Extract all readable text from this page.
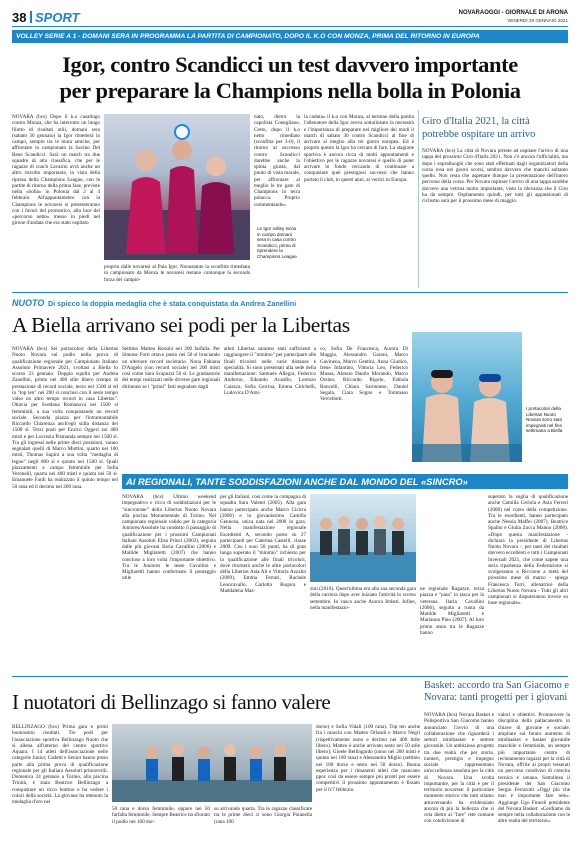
38 SPORT	NOVARAOGGI - GIORNALE DI ARONA
VENERDÌ 29 GENNAIO 2021
VOLLEY SERIE A 1 - DOMANI SERA IN PROGRAMMA LA PARTITA DI CAMPIONATO, DOPO IL K.O CON MONZA, PRIMA DEL RITORNO IN EUROPA
Igor, contro Scandicci un test davvero importante
per preparare la Champions nella bolla in Polonia
NOVARA (bcs) Dopo il k.o casalingo contro Monza, che ha interrotto un lungo filotto di risultati utili, domani sera (sabato 30 gennaio) la Igor rimetterà in campo, sempre tra le mura amiche, per affrontare in campionato la Savino Del Bene Scandicci. Sarà un match tra due squadre di alta classifica, che per le ragazze di coach Lavarini avrà anche un altro risvolto importante, in vista della ripresa della Champions League, con le partite di ritorno della prima fase, previste nella «bolla» in Polonia dal 2 al 4 febbraio. All'appuntamento con la Champions le novaresi si presenteranno con i favori del pronostico, alla luce del «percorso netto» messo in piedi nel girone d'andata che era stato ospitato
Le Igor volley torna in campo domani sera in casa contro Scandicci, prima di riprendere la Champions League
proprio dalle novaresi al Pala Igor. Nonostante la sconfitta rimediata in campionato da Monza le novaresi restano comunque la seconda forza del campio-
nato, dietro la capolista Conegliano. Certo, dopo il k.o netto rimediato (sconfitta per 3-0), il ritorno al successo contro Scandicci darebbe anche la spinta giusta, dal punto di vista morale, per affrontare al meglio le tre gare di Champions in terra polacca. Proprio commentando»
la caduta» il k.o con Monza, al termine della partita l'allenatore della Igor aveva sottolineato la necessità e l'importanza di preparare nel migliore dei modi il match di sabato 30 contro Scandicci al fine di arrivare al meglio alla tre giorni europea. Ed è proprio questo la Igor ha cercato di fare. La stagione sportiva è ancora ricca di molti appuntamenti e l'obiettivo per le ragazze novaresi è quello di poter arrivare in fondo cercando di continuare a conquistare quei prestigiosi successi che hanno portato il club, in questi anni, ai vertici in Europa.
Giro d'Italia 2021, la città potrebbe ospitare un arrivo
NOVARA (bcs) La città di Novara ptreste ad ospitare l'arrivo di una tappa del prossimo Giro d'Italia 2021. Non c'è ancora l'ufficialità, ma dopo i sopralluoghi che sono stati effettuati dagli organizzatori della corsa rosa nei giorni scorsi, sembra davvero che manchi soltanto quello. Non resta che aspettare dunque la presentazione dell'intero percorso della corsa. Per Novara ospitare l'arrivo di una tappa sarebbe davvero una vetrina molto importante, visto la rilevanza che il Giro ha da sempre. Ospitamento quindi, per tutti gli appassionati di ciclismo sarà per il prossimo mese di maggio.
NUOTO Di spicco la doppia medaglia che è stata conquistata da Andrea Zanellini
A Biella arrivano sei podi per la Libertas
NOVARA (bcs) Sei portacolori della Libertas Nuoto Novara sul podio nella prova di qualificazione regionale per Campionato Italiano Assoluto Primavere 2021, svoltasi a Biella lo scorso 23 gennaio. Doppio squillo per Andrea Zanellini, primo nei 400 stile libero (tempo di prestazione di record sociale, terzo nei 1500 sl ed in "top ten" nei 200 sl conclusi con il sesto tempo valso un altro tempo record in casa Libertas". Ottavia per Svetlana Romanova nei 1500 sl femminili, a sua volta conquistando un record sociale. Seconda piazza per l'intramontabile Riccardo Chiarenza anch'egli sulla distanza dei 1500 sl. Terzi posti per Enrico Oggeri sui 400 misti e per Lucrezia Pismanda sempre nei 1500 sl. Tra gli ingressi nelle prime dieci posizioni, vanno segnalati quelli di Marco Muttini, quarto nei 100 misti, Thomas Sapini a sua volta "medaglia di legno" negli 800 sl e quinto nei 1500 sl. Quali piazzamenti a campo femminile per Sofia Veronelli, quarta nei 400 misti e quinta nei 50 sl. Emanuele Fardi ha realizzato il quinto tempo nei 50 rana ed il decimo nei 200 rana.
Settimo Matteo Rossini nei 200 farfalla. Per Simone Forti ottavo posto nei 50 sl bruciando un ulteriore record societario. Nona Fabiana D'Angelo (con record sociale) nei 200 misti così come Sara Scapuzzi 50 sl. Le graduatorie dei tempi realizzati nelle diverse gare regionali dirimono se i "primi" fatti segnalare dagli
atleti Libertas saranno stati sufficienti a raggiungere il "minimo" per partecipare alle finali tricolori nelle varie distanze e specialità. Si sono presentati alla sede della manifestazione: Samuele Allegra, Federico Andorno, Edoardo Acanfin, Lorenzo Caiazza, Sofia Cerrina, Emma Cirichelli, Ludovica D'Ami-
co, Sofia De Francesca, Aurora Di Maggio, Alessandro Garoni, Marco Gavinena, Marco Gentini, Anna Giudice, Irene Infantino, Vittoria Leo, Federico Mussa, Alessio Danilo Morando, Marco Orsino, Riccardo Rigolo, Fabiola Roncelli, Chiara Saronnese, Daniel Segala, Ciara Sogno e Tommaso Vercellotti.
I portacolori della Libertas Nuoto Novara sono stati impegnati nel fine settimana a Biella
AI REGIONALI, TANTE SODDISFAZIONI ANCHE DAL MONDO DEL «SINCRO»
NOVARA (bcs) Ultimo weekend impegnativo e ricco di soddisfazioni per le "sincroniste" della Libertas Nuoto Novara alla piscina Monumentale di Torino. Nel campionato regionale valido per la categoria Juniores/Assolute ha condotto il passaggio di qualificazione per i prossimi Campionati Italiani Assoluti Elisa Princi (2002), seguita dalle più giovani Ilaria Cavallini (2006) e Matilde Migliaretti (2007) che hanno concluso a loro volta l'importante obiettivo. Tra le Juniores le tesse Cavallini e Migliaretti hanno confermato il punteggio utile
per gli Italiani, così come la compagna di squadra Sara Valenti (2005). Alla gara hanno partecipato anche Marco Cicirra (2006) e la giovanissima Camilla Gennosa, unica nata nel 2008 in gara. Nella manifestazione regionale Esordienti A, secondo posto su 37 partecipanti per Caterina Castelli, classe 2009. Ceo i suoi 58 punti, ha di gran lunga superato il "minimo" richiesto per la qualificazione alle finali tricolori, dove ritornerà anche le altre portacolori della Libertas Asia Ali e Vittoria Azzalin (2009), Emma Ferrari, Rachele Leoncavallo, Carlotta Rogora e Maddalena Maz-	zini (2010). Quest'ultima era alla sua seconda gara della carriera dopo aver iniziato l'attività lo scorso settembre. In vasca anche Aurora Imbeti. Infine, nella manifestazio-
ne regionale Ragazze, terza piazza e "pass" in tasca per la veterana Ilaria Cavallini (2006), seguita a ruota da Matilde Migliaretti e Marianna Pino (2007). Al loro primo anno tra le Ragazze hanno
superato la soglia di qualificazione anche Camilla Ceriola e Asia Ferreri (2008) nel corso della competizione. Tra le esordienti, hanno partecipato anche Nessia Maffei (2007), Beatrice Spalini e Giulia Zucca Manno (2008). «Dopo questa manifestazione - dichiara la presidente di Libertas Nuoto Novara -, per tanti dei risultati davvero eccellenti e tutti i Campionati Invernali 2021, che come sapete una seria ripartenza della Federazione si svolgeranno a Riccione a metà del prossimo mese di marzo - spiega Francesca Torri, allenatrice della Libertas Nuoto Novara - Tutti gli altri campionati si disputeranno invece su base regionale».
I nuotatori di Bellinzago si fanno valere
BELLINZAGO (bcs) Prima gara e primi buonissimi risultati. Tre podi per l'associazione sportiva Bellinzago Nuoto che si allena all'interno del centro sportivo Aquara. I 14 atleti dell'associazione nelle categorie Junior, Cadetti e Senior hanno preso parte alla prima prova di qualificazione regionale per gli Italiani Assoluti primaverili. Domenica 24 gennaio a Torino, alla piscina Trinità, è stata Beatrice Bellinzago a conquistare un ricco bottino e ha vedere i colori della società. La giovane ha ottenuto la medaglia d'oro nei
50 rana e dorso femminile, oppure nei 50 farfalla femminile. Sempre Beatrice ha sfiorato il podio nei 100 dor-
so arrivando quarta. Tra le ragazze classificate tra le prime dieci ci sono Giorgia Poianella (rana 100
dorso) e Sofia Vidali (100 rana). Top ten anche fra i maschi con Matteo Orlandi e Marco Negri (rispettivamente nono e decimo nei 400 Stile libero). Matteo è anche arrivato sesto nei 50 stile libero), Gioele Bellingardo (nono nei 200 misti e quinto nei 100 rana) e Alessandro Miglio (settimo nei 100 dorso e sesto nei 50 dorso). Buona esperienza per i rimanenti atleti che mancano ppoc così da essere sempre più pronti per essere competitivi il prossimo appuntamento è fissato per il 6/7 febbraio.
Basket: accordo tra San Giacomo e Novara: tanti progetti per i giovani
NOVARA (bcs) Novara Basket e Polisportiva San Giacomo hanno annunciato l'avvio di una collaborazione che riguarderà i settori minibasket e settore giovanile. Un ambizioso progetto tra due realtà che per storia, numeri, prestigio e impegno sociale rappresentano un'eccellenza assoluta per la città di Novara. Una svolta importantie, per la città e per il territorio novarese: il particolare momento storico che tutti stiamo attraversando ha evidenziato ancora di più la bellezza che si cela dietro al "fare" rete comune con condivisione di
valori e obiettivi. Promuovere la disciplina della pallacanestro in chiave di giovane e sociale, ampliare sul futuro aumento di minibasket e basket giovanile maschile e femminile, un sempre più importante centro di reclutamento ragazzi per la città di Novara, offrire ai propri tesserati un percorso condiviso di crescita tecnica e umana. Sottolinea il presidente del San Giacomo Sergio Ferrarotti «Oggi più che mai è importante fare rete». Aggiunge Ugo Fineoli presidente del Novara Basket: «Cerdiamo da sempre nella collaborazione con le altre realtà del territorio».
